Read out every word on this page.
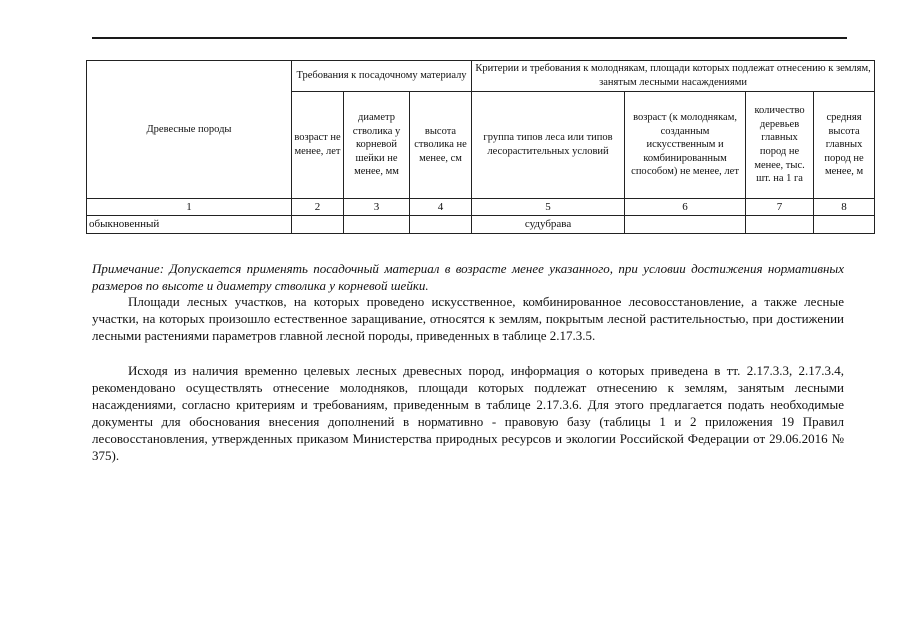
Древесные породы	Требования к посадочному материалу			Критерии и требования к молоднякам, площади которых подлежат отнесению к землям, занятым лесными насаждениями			
	возраст не менее, лет	диаметр стволика у корневой шейки не менее, мм	высота стволика не менее, см	группа типов леса или типов лесорастительных условий	возраст (к молоднякам, созданным искусственным и комбинированным способом) не менее, лет	количество деревьев главных пород не менее, тыс. шт. на 1 га	средняя высота главных пород не менее, м
1	2	3	4	5	6	7	8
обыкновенный				судубрава			
Примечание: Допускается применять посадочный материал в возрасте менее указанного, при условии достижения нормативных размеров по высоте и диаметру стволика у корневой шейки.

Площади лесных участков, на которых проведено искусственное, комбинированное лесовосстановление, а также лесные участки, на которых произошло естественное заращивание, относятся к землям, покрытым лесной растительностью, при достижении лесными растениями параметров главной лесной породы, приведенных в таблице 2.17.3.5.

Исходя из наличия временно целевых лесных древесных пород, информация о которых приведена в тт. 2.17.3.3, 2.17.3.4, рекомендовано осуществлять отнесение молодняков, площади которых подлежат отнесению к землям, занятым лесными насаждениями, согласно критериям и требованиям, приведенным в таблице 2.17.3.6. Для этого предлагается подать необходимые документы для обоснования внесения дополнений в нормативно - правовую базу (таблицы 1 и 2 приложения 19 Правил лесовосстановления, утвержденных приказом Министерства природных ресурсов и экологии Российской Федерации от 29.06.2016 № 375).
